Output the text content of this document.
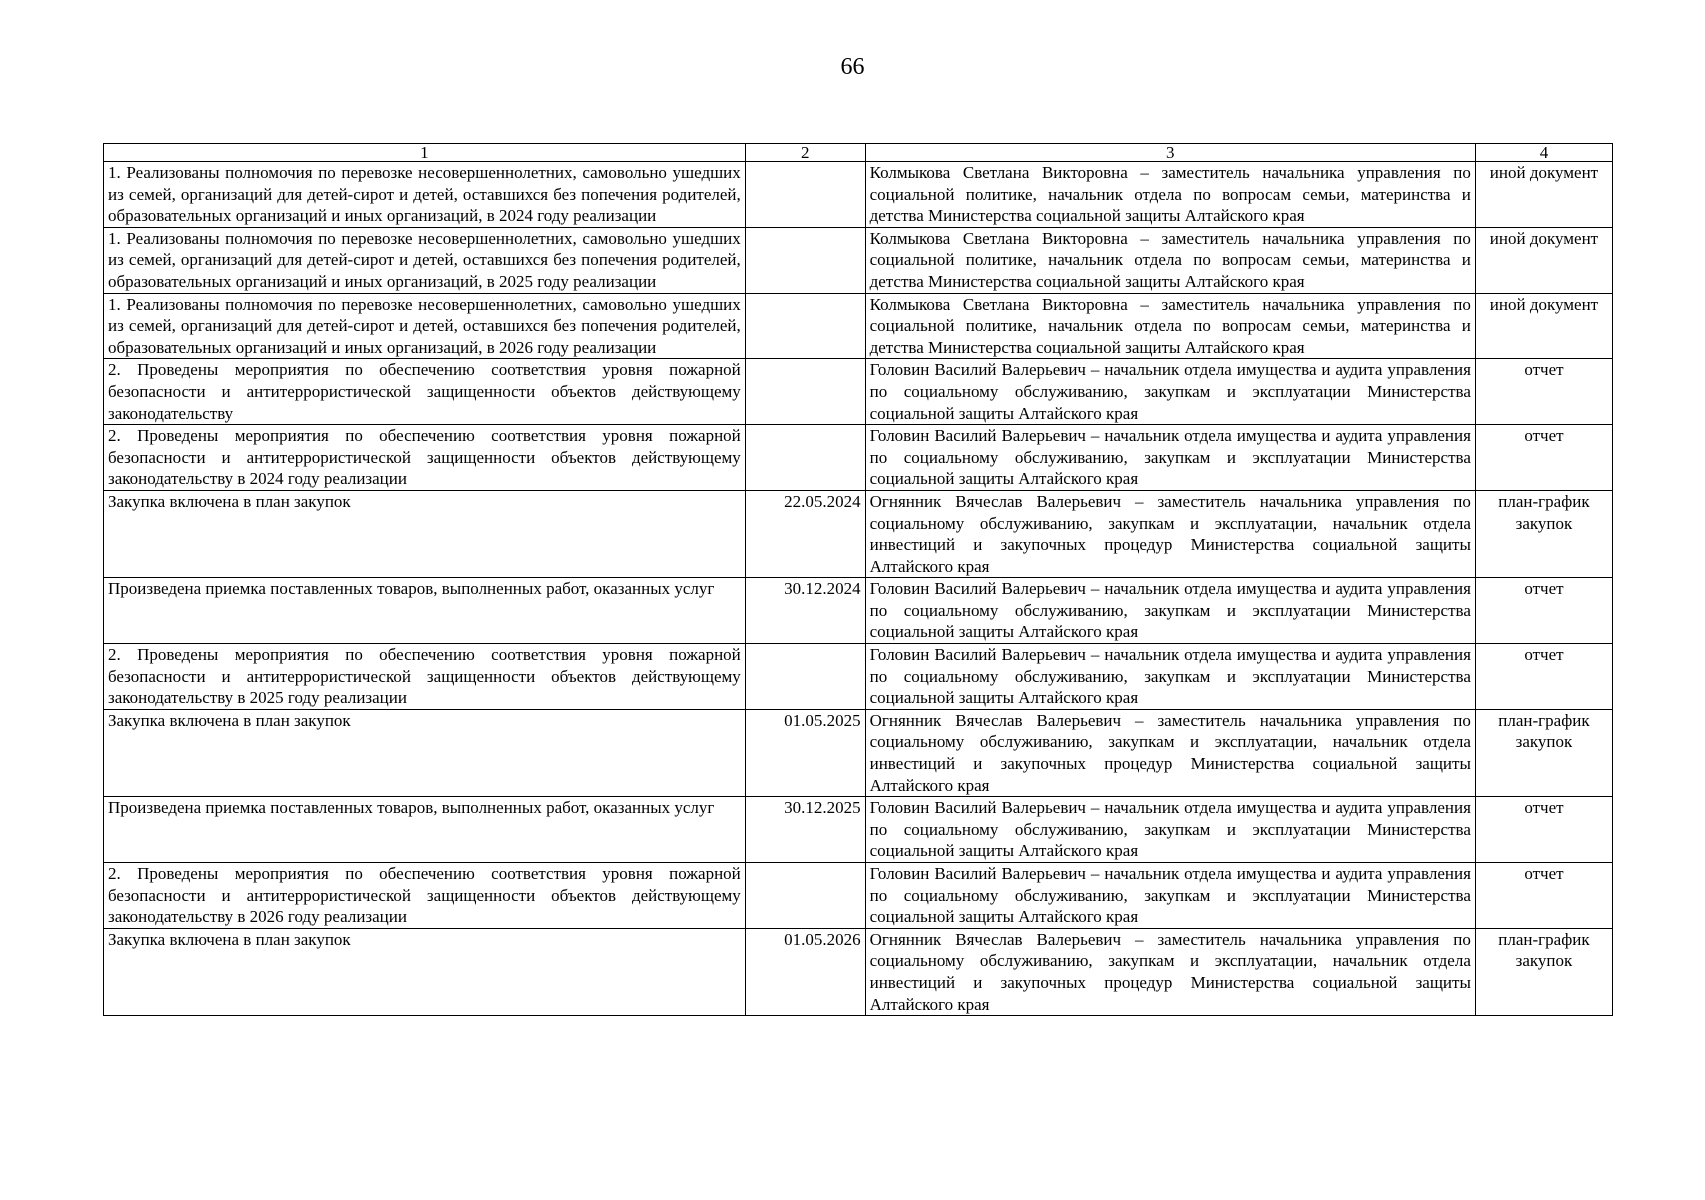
66
1	2	3	4
1. Реализованы полномочия по перевозке несовершеннолетних, самовольно ушедших из семей, организаций для детей-сирот и детей, оставшихся без попечения родителей, образовательных организаций и иных организаций, в 2024 году реализации		Колмыкова Светлана Викторовна – заместитель начальника управления по социальной политике, начальник отдела по вопросам семьи, материнства и детства Министерства социальной защиты Алтайского края	иной документ
1. Реализованы полномочия по перевозке несовершеннолетних, самовольно ушедших из семей, организаций для детей-сирот и детей, оставшихся без попечения родителей, образовательных организаций и иных организаций, в 2025 году реализации		Колмыкова Светлана Викторовна – заместитель начальника управления по социальной политике, начальник отдела по вопросам семьи, материнства и детства Министерства социальной защиты Алтайского края	иной документ
1. Реализованы полномочия по перевозке несовершеннолетних, самовольно ушедших из семей, организаций для детей-сирот и детей, оставшихся без попечения родителей, образовательных организаций и иных организаций, в 2026 году реализации		Колмыкова Светлана Викторовна – заместитель начальника управления по социальной политике, начальник отдела по вопросам семьи, материнства и детства Министерства социальной защиты Алтайского края	иной документ
2. Проведены мероприятия по обеспечению соответствия уровня пожарной безопасности и антитеррористической защищенности объектов действующему законодательству		Головин Василий Валерьевич – начальник отдела имущества и аудита управления по социальному обслуживанию, закупкам и эксплуатации Министерства социальной защиты Алтайского края	отчет
2. Проведены мероприятия по обеспечению соответствия уровня пожарной безопасности и антитеррористической защищенности объектов действующему законодательству в 2024 году реализации		Головин Василий Валерьевич – начальник отдела имущества и аудита управления по социальному обслуживанию, закупкам и эксплуатации Министерства социальной защиты Алтайского края	отчет
Закупка включена в план закупок	22.05.2024	Огнянник Вячеслав Валерьевич – заместитель начальника управления по социальному обслуживанию, закупкам и эксплуатации, начальник отдела инвестиций и закупочных процедур Министерства социальной защиты Алтайского края	план-график закупок
Произведена приемка поставленных товаров, выполненных работ, оказанных услуг	30.12.2024	Головин Василий Валерьевич – начальник отдела имущества и аудита управления по социальному обслуживанию, закупкам и эксплуатации Министерства социальной защиты Алтайского края	отчет
2. Проведены мероприятия по обеспечению соответствия уровня пожарной безопасности и антитеррористической защищенности объектов действующему законодательству в 2025 году реализации		Головин Василий Валерьевич – начальник отдела имущества и аудита управления по социальному обслуживанию, закупкам и эксплуатации Министерства социальной защиты Алтайского края	отчет
Закупка включена в план закупок	01.05.2025	Огнянник Вячеслав Валерьевич – заместитель начальника управления по социальному обслуживанию, закупкам и эксплуатации, начальник отдела инвестиций и закупочных процедур Министерства социальной защиты Алтайского края	план-график закупок
Произведена приемка поставленных товаров, выполненных работ, оказанных услуг	30.12.2025	Головин Василий Валерьевич – начальник отдела имущества и аудита управления по социальному обслуживанию, закупкам и эксплуатации Министерства социальной защиты Алтайского края	отчет
2. Проведены мероприятия по обеспечению соответствия уровня пожарной безопасности и антитеррористической защищенности объектов действующему законодательству в 2026 году реализации		Головин Василий Валерьевич – начальник отдела имущества и аудита управления по социальному обслуживанию, закупкам и эксплуатации Министерства социальной защиты Алтайского края	отчет
Закупка включена в план закупок	01.05.2026	Огнянник Вячеслав Валерьевич – заместитель начальника управления по социальному обслуживанию, закупкам и эксплуатации, начальник отдела инвестиций и закупочных процедур Министерства социальной защиты Алтайского края	план-график закупок
